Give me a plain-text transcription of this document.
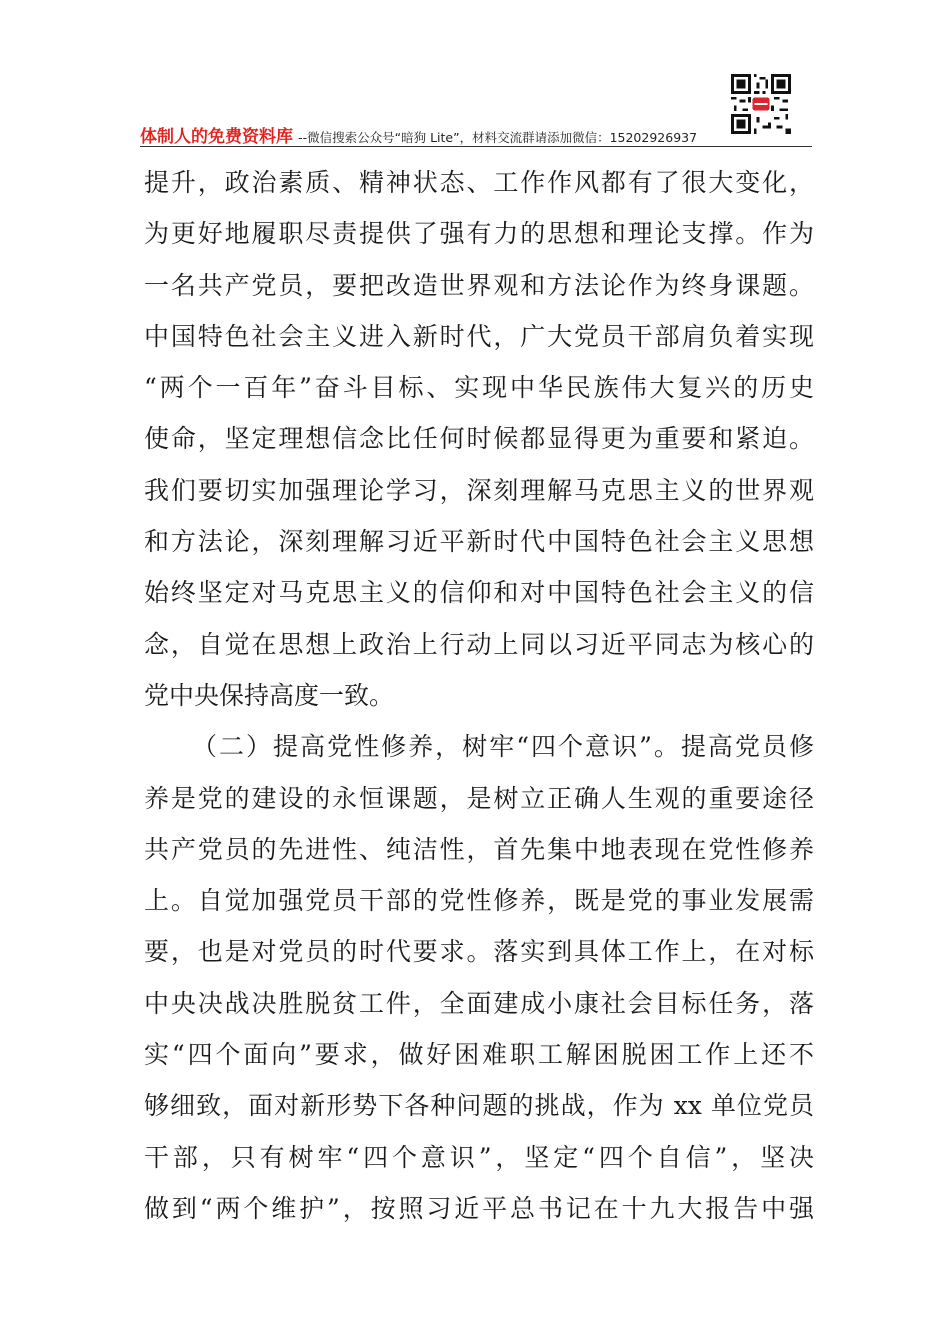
体制人的免费资料库 --微信搜索公众号“暗狗 Lite”，材料交流群请添加微信：15202926937
提升，政治素质、精神状态、工作作风都有了很大变化，
为更好地履职尽责提供了强有力的思想和理论支撑。作为
一名共产党员，要把改造世界观和方法论作为终身课题。
中国特色社会主义进入新时代，广大党员干部肩负着实现
“两个一百年”奋斗目标、实现中华民族伟大复兴的历史
使命，坚定理想信念比任何时候都显得更为重要和紧迫。
我们要切实加强理论学习，深刻理解马克思主义的世界观
和方法论，深刻理解习近平新时代中国特色社会主义思想
始终坚定对马克思主义的信仰和对中国特色社会主义的信
念，自觉在思想上政治上行动上同以习近平同志为核心的
党中央保持高度一致。
（二）提高党性修养，树牢“四个意识”。提高党员修
养是党的建设的永恒课题，是树立正确人生观的重要途径
共产党员的先进性、纯洁性，首先集中地表现在党性修养
上。自觉加强党员干部的党性修养，既是党的事业发展需
要，也是对党员的时代要求。落实到具体工作上，在对标
中央决战决胜脱贫工件，全面建成小康社会目标任务，落
实“四个面向”要求，做好困难职工解困脱困工作上还不
够细致，面对新形势下各种问题的挑战，作为 xx 单位党员
干部，只有树牢“四个意识”，坚定“四个自信”，坚决
做到“两个维护”，按照习近平总书记在十九大报告中强
